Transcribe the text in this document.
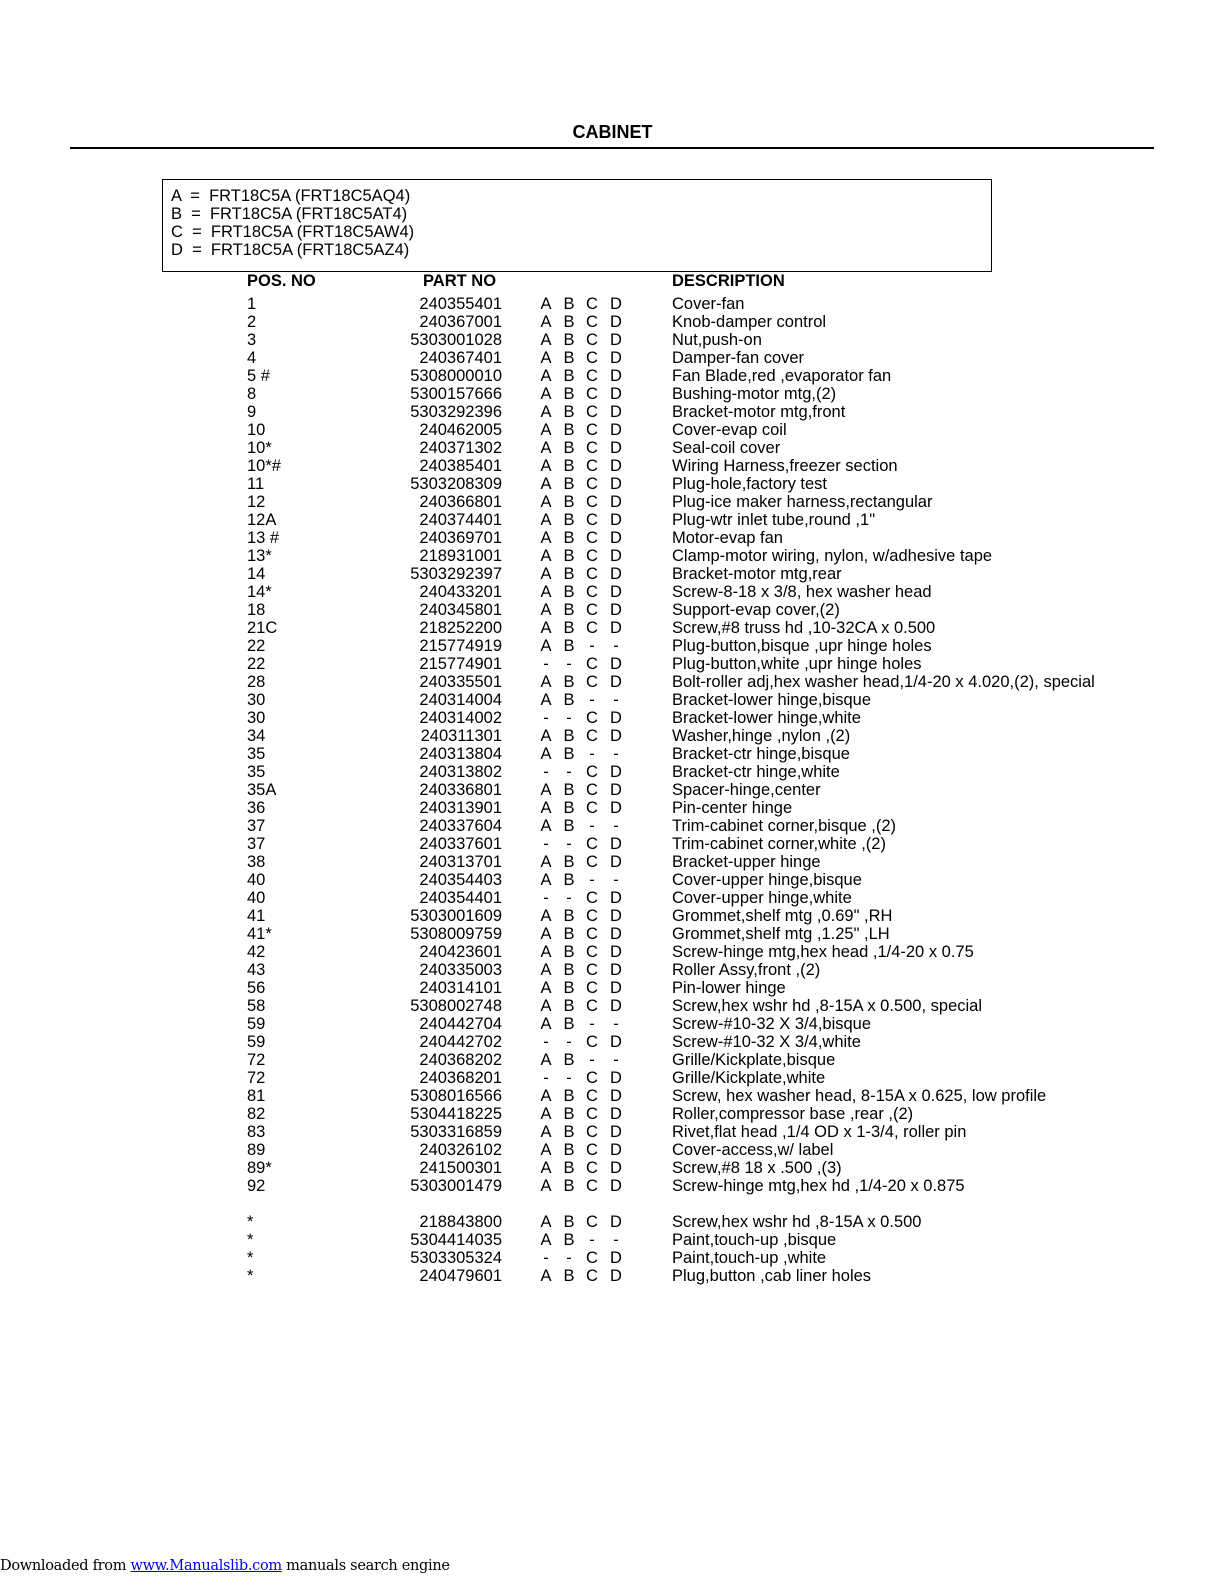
CABINET
A  =  FRT18C5A (FRT18C5AQ4)
B  =  FRT18C5A (FRT18C5AT4)
C  =  FRT18C5A (FRT18C5AW4)
D  =  FRT18C5A (FRT18C5AZ4)
POS. NO	PART NO	DESCRIPTION
1	240355401 A B C D	Cover-fan
2	240367001 A B C D	Knob-damper control
3	5303001028 A B C D	Nut,push-on
4	240367401 A B C D	Damper-fan cover
5 #	5308000010 A B C D	Fan Blade,red ,evaporator fan
8	5300157666 A B C D	Bushing-motor mtg,(2)
9	5303292396 A B C D	Bracket-motor mtg,front
10	240462005 A B C D	Cover-evap coil
10*	240371302 A B C D	Seal-coil cover
10*#	240385401 A B C D	Wiring Harness,freezer section
11	5303208309 A B C D	Plug-hole,factory test
12	240366801 A B C D	Plug-ice maker harness,rectangular
12A	240374401 A B C D	Plug-wtr inlet tube,round ,1"
13 #	240369701 A B C D	Motor-evap fan
13*	218931001 A B C D	Clamp-motor wiring, nylon, w/adhesive tape
14	5303292397 A B C D	Bracket-motor mtg,rear
14*	240433201 A B C D	Screw-8-18 x 3/8, hex washer head
18	240345801 A B C D	Support-evap cover,(2)
21C	218252200 A B C D	Screw,#8 truss hd ,10-32CA x 0.500
22	215774919 A B - -	Plug-button,bisque ,upr hinge holes
22	215774901	- - C D	Plug-button,white ,upr hinge holes
28	240335501 A B C D	Bolt-roller adj,hex washer head,1/4-20 x 4.020,(2), special
30	240314004 A B - -	Bracket-lower hinge,bisque
30	240314002	- - C D	Bracket-lower hinge,white
34	240311301 A B C D	Washer,hinge ,nylon ,(2)
35	240313804 A B - -	Bracket-ctr hinge,bisque
35	240313802	- - C D	Bracket-ctr hinge,white
35A	240336801 A B C D	Spacer-hinge,center
36	240313901 A B C D	Pin-center hinge
37	240337604 A B - -	Trim-cabinet corner,bisque ,(2)
37	240337601	- - C D	Trim-cabinet corner,white ,(2)
38	240313701 A B C D	Bracket-upper hinge
40	240354403 A B - -	Cover-upper hinge,bisque
40	240354401	- - C D	Cover-upper hinge,white
41	5303001609 A B C D	Grommet,shelf mtg ,0.69" ,RH
41*	5308009759 A B C D	Grommet,shelf mtg ,1.25" ,LH
42	240423601 A B C D	Screw-hinge mtg,hex head ,1/4-20 x 0.75
43	240335003 A B C D	Roller Assy,front ,(2)
56	240314101 A B C D	Pin-lower hinge
58	5308002748 A B C D	Screw,hex wshr hd ,8-15A x 0.500, special
59	240442704 A B - -	Screw-#10-32 X 3/4,bisque
59	240442702	- - C D	Screw-#10-32 X 3/4,white
72	240368202 A B - -	Grille/Kickplate,bisque
72	240368201	- - C D	Grille/Kickplate,white
81	5308016566 A B C D	Screw, hex washer head, 8-15A x 0.625, low profile
82	5304418225 A B C D	Roller,compressor base ,rear ,(2)
83	5303316859 A B C D	Rivet,flat head ,1/4 OD x 1-3/4, roller pin
89	240326102 A B C D	Cover-access,w/ label
89*	241500301 A B C D	Screw,#8 18 x .500 ,(3)
92	5303001479 A B C D	Screw-hinge mtg,hex hd ,1/4-20 x 0.875
*	218843800 A B C D	Screw,hex wshr hd ,8-15A x 0.500
*	5304414035 A B - -	Paint,touch-up ,bisque
*	5303305324	- - C D	Paint,touch-up ,white
*	240479601 A B C D	Plug,button ,cab liner holes
Downloaded from www.Manualslib.com manuals search engine
